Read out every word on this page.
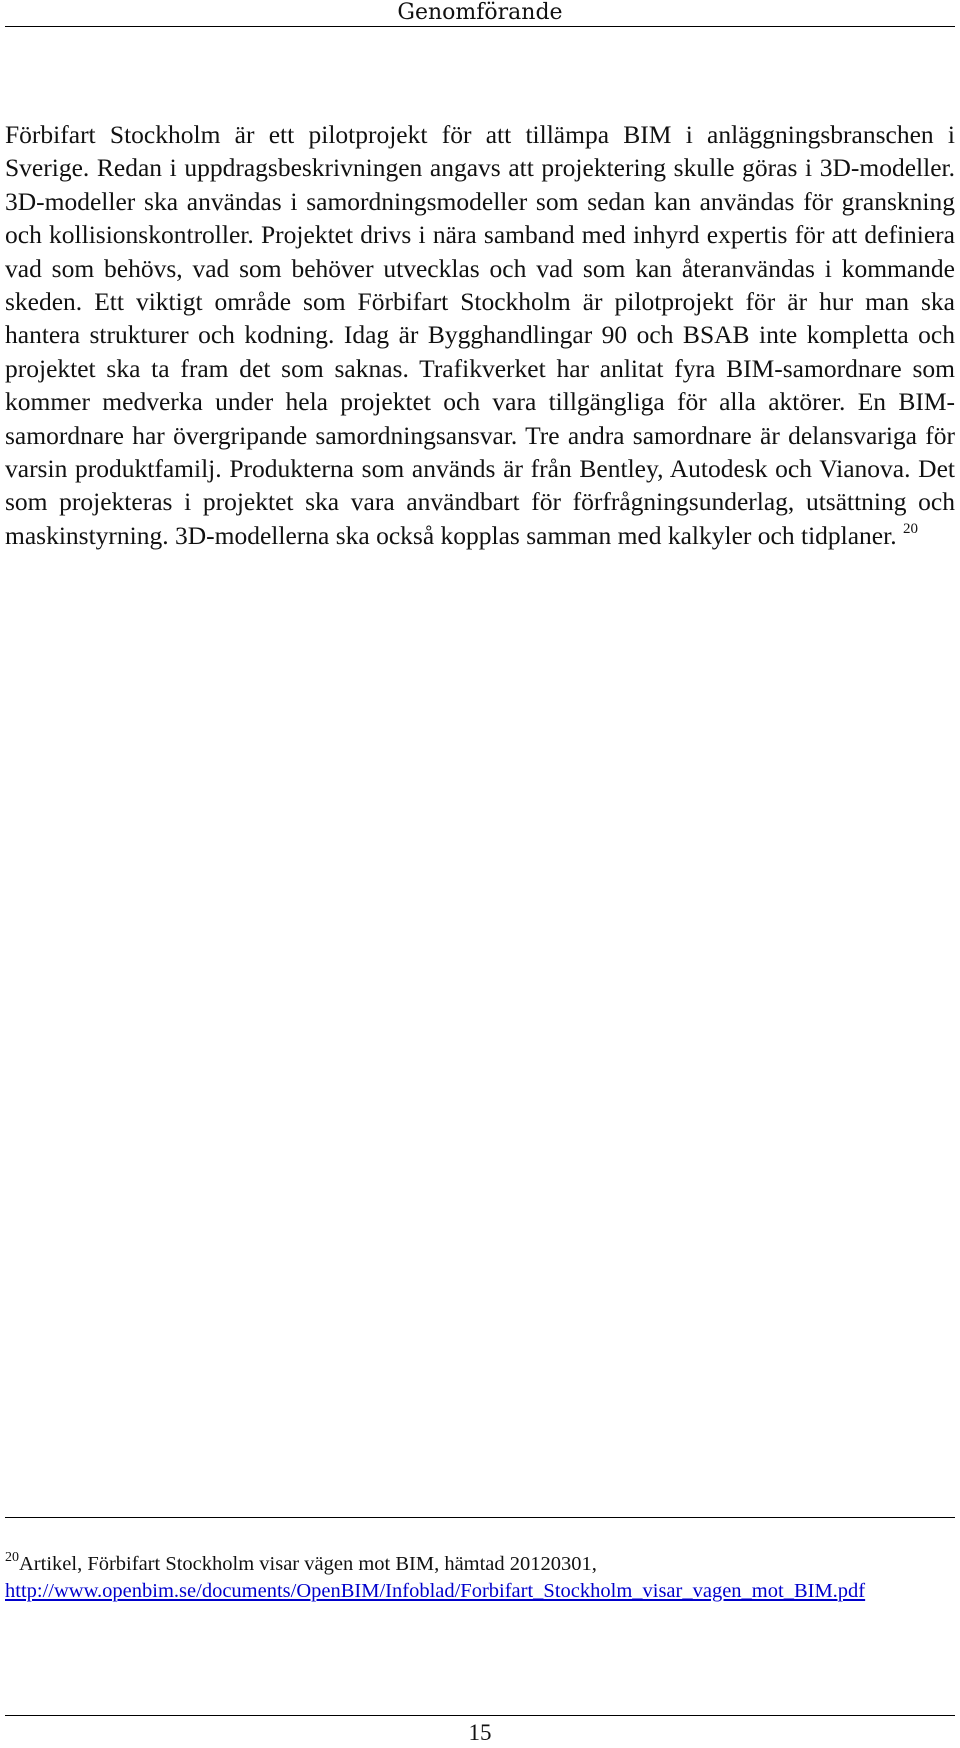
Genomförande

Förbifart Stockholm är ett pilotprojekt för att tillämpa BIM i anläggningsbranschen i Sverige. Redan i uppdragsbeskrivningen angavs att projektering skulle göras i 3D-modeller. 3D-modeller ska användas i samordningsmodeller som sedan kan användas för granskning och kollisionskontroller. Projektet drivs i nära samband med inhyrd expertis för att definiera vad som behövs, vad som behöver utvecklas och vad som kan återanvändas i kommande skeden. Ett viktigt område som Förbifart Stockholm är pilotprojekt för är hur man ska hantera strukturer och kodning. Idag är Bygghandlingar 90 och BSAB inte kompletta och projektet ska ta fram det som saknas. Trafikverket har anlitat fyra BIM-samordnare som kommer medverka under hela projektet och vara tillgängliga för alla aktörer. En BIM-samordnare har övergripande samordningsansvar. Tre andra samordnare är delansvariga för varsin produktfamilj. Produkterna som används är från Bentley, Autodesk och Vianova. Det som projekteras i projektet ska vara användbart för förfrågningsunderlag, utsättning och maskinstyrning. 3D-modellerna ska också kopplas samman med kalkyler och tidplaner. $^{20}$

$^{20}$Artikel, Förbifart Stockholm visar vägen mot BIM, hämtad 20120301,
http://www.openbim.se/documents/OpenBIM/Infoblad/Forbifart_Stockholm_visar_vagen_mot_BIM.pdf

15
